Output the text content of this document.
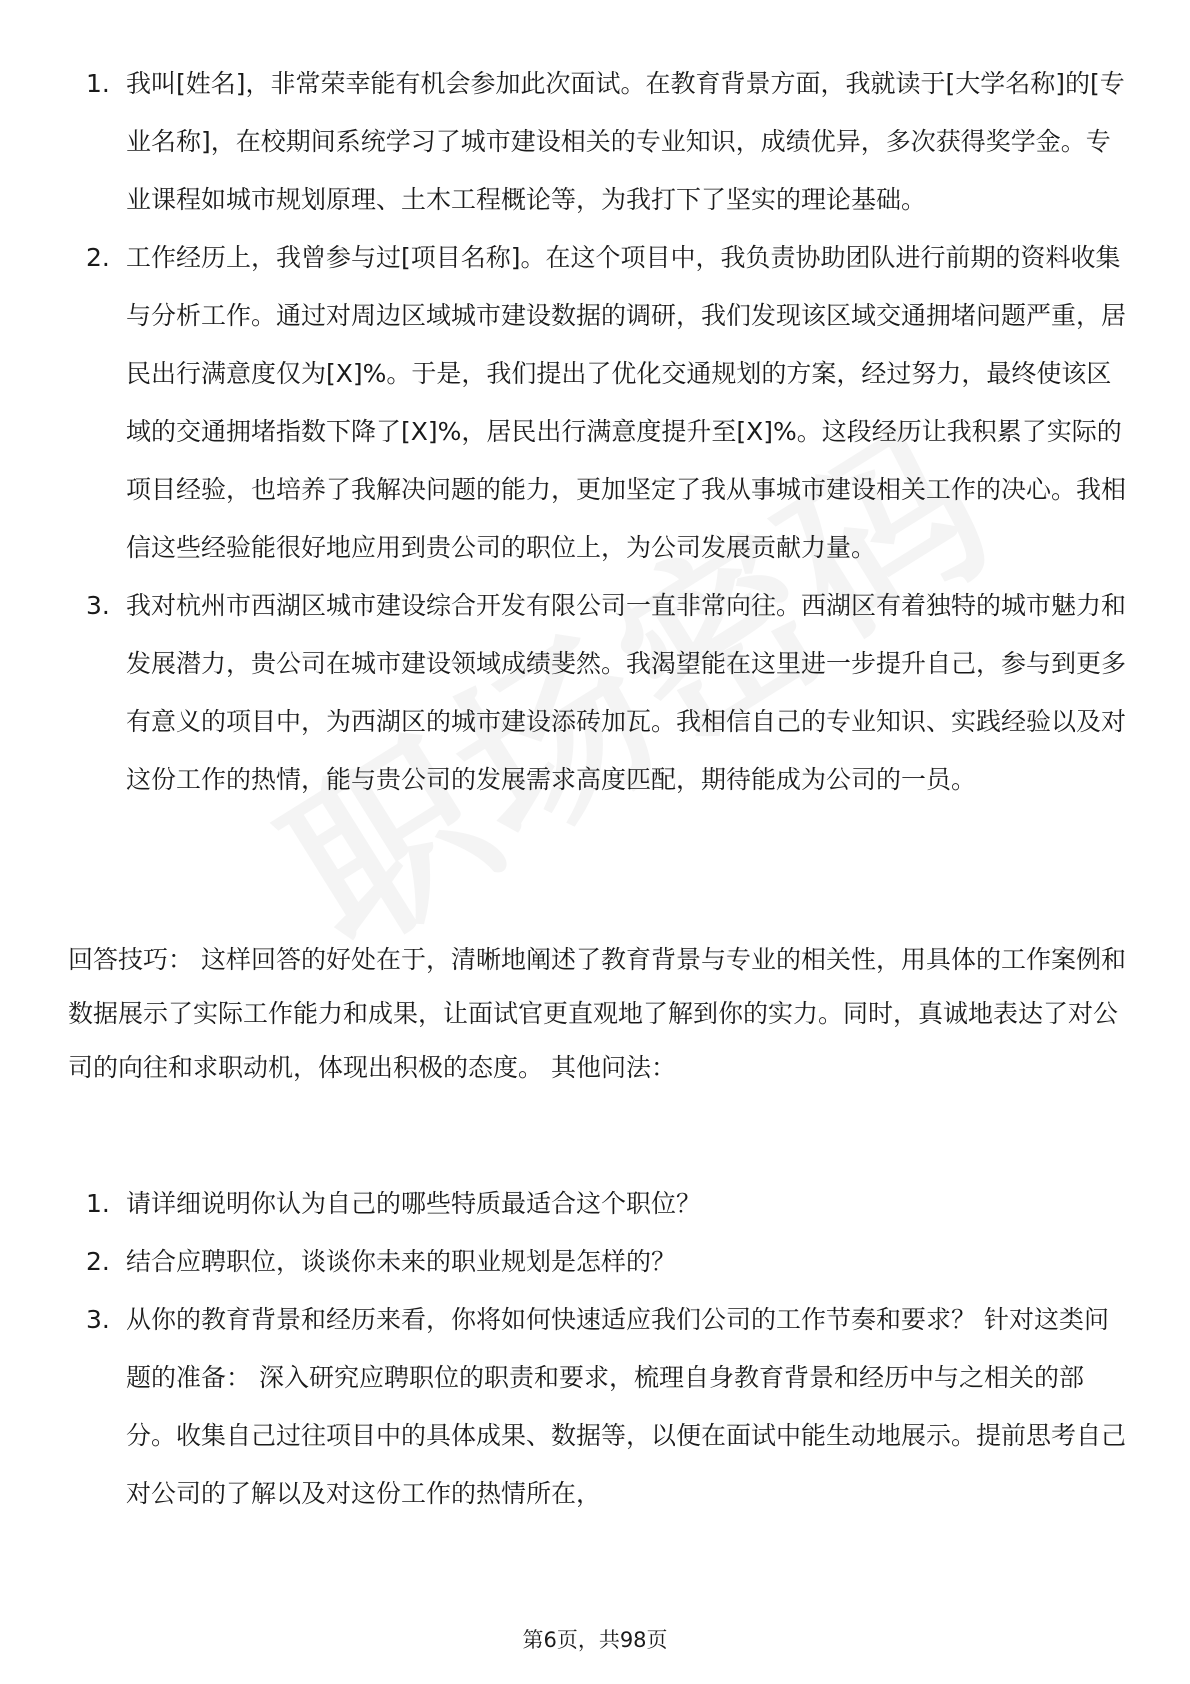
1. 我叫[姓名]，非常荣幸能有机会参加此次面试。在教育背景方面，我就读于[大学名称]的[专业名称]，在校期间系统学习了城市建设相关的专业知识，成绩优异，多次获得奖学金。专业课程如城市规划原理、土木工程概论等，为我打下了坚实的理论基础。
2. 工作经历上，我曾参与过[项目名称]。在这个项目中，我负责协助团队进行前期的资料收集与分析工作。通过对周边区域城市建设数据的调研，我们发现该区域交通拥堵问题严重，居民出行满意度仅为[X]%。于是，我们提出了优化交通规划的方案，经过努力，最终使该区域的交通拥堵指数下降了[X]%，居民出行满意度提升至[X]%。这段经历让我积累了实际的项目经验，也培养了我解决问题的能力，更加坚定了我从事城市建设相关工作的决心。我相信这些经验能很好地应用到贵公司的职位上，为公司发展贡献力量。
3. 我对杭州市西湖区城市建设综合开发有限公司一直非常向往。西湖区有着独特的城市魅力和发展潜力，贵公司在城市建设领域成绩斐然。我渴望能在这里进一步提升自己，参与到更多有意义的项目中，为西湖区的城市建设添砖加瓦。我相信自己的专业知识、实践经验以及对这份工作的热情，能与贵公司的发展需求高度匹配，期待能成为公司的一员。

回答技巧： 这样回答的好处在于，清晰地阐述了教育背景与专业的相关性，用具体的工作案例和数据展示了实际工作能力和成果，让面试官更直观地了解到你的实力。同时，真诚地表达了对公司的向往和求职动机，体现出积极的态度。 其他问法：

1. 请详细说明你认为自己的哪些特质最适合这个职位？
2. 结合应聘职位，谈谈你未来的职业规划是怎样的？
3. 从你的教育背景和经历来看，你将如何快速适应我们公司的工作节奏和要求？ 针对这类问题的准备： 深入研究应聘职位的职责和要求，梳理自身教育背景和经历中与之相关的部分。收集自己过往项目中的具体成果、数据等，以便在面试中能生动地展示。提前思考自己对公司的了解以及对这份工作的热情所在，
第6页，共98页
